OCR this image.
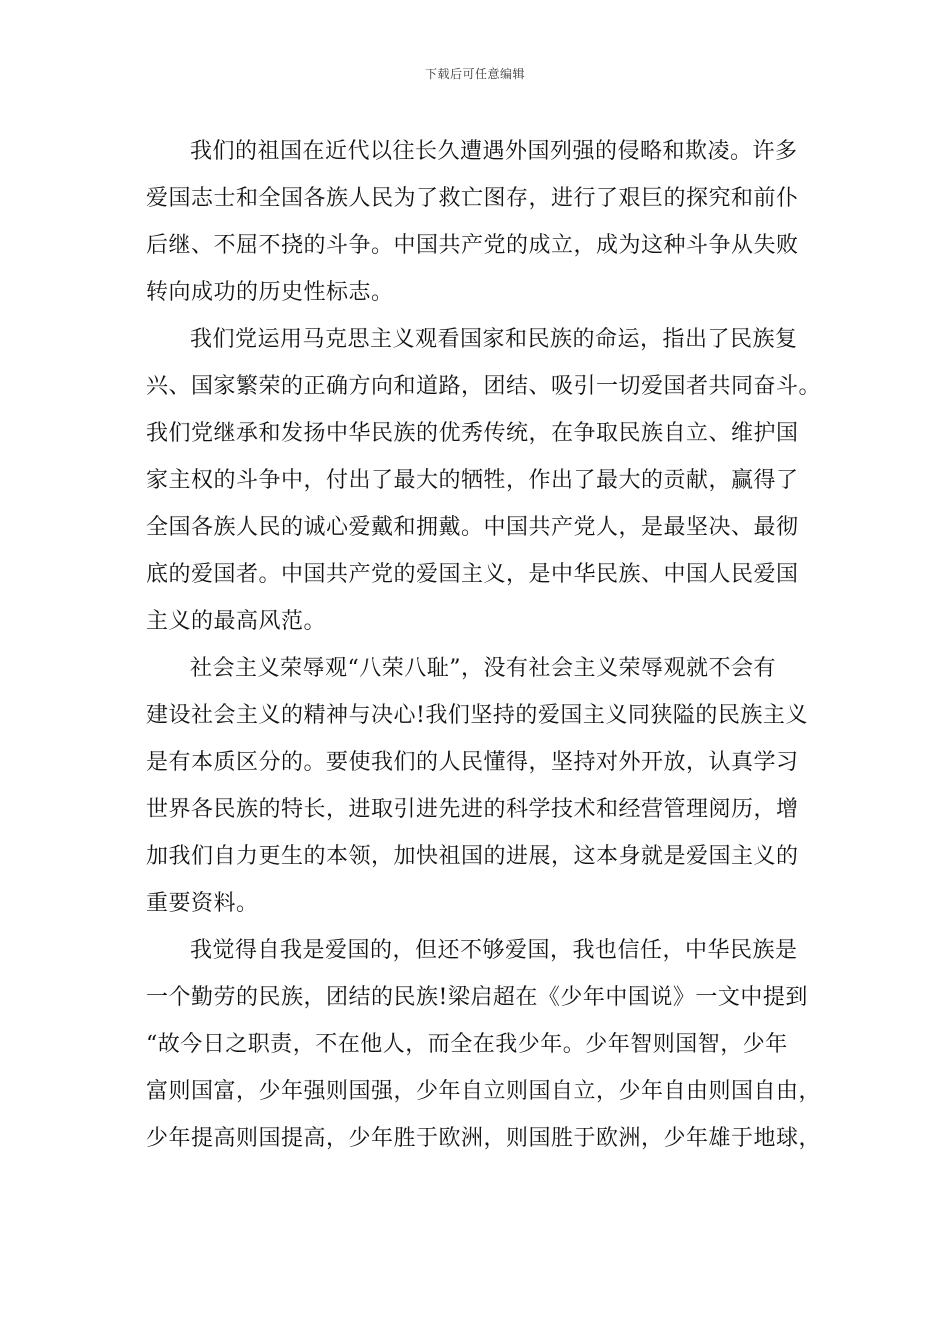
下载后可任意编辑
我们的祖国在近代以往长久遭遇外国列强的侵略和欺凌。许多
爱国志士和全国各族人民为了救亡图存，进行了艰巨的探究和前仆
后继、不屈不挠的斗争。中国共产党的成立，成为这种斗争从失败
转向成功的历史性标志。
我们党运用马克思主义观看国家和民族的命运，指出了民族复
兴、国家繁荣的正确方向和道路，团结、吸引一切爱国者共同奋斗。
我们党继承和发扬中华民族的优秀传统，在争取民族自立、维护国
家主权的斗争中，付出了最大的牺牲，作出了最大的贡献，赢得了
全国各族人民的诚心爱戴和拥戴。中国共产党人，是最坚决、最彻
底的爱国者。中国共产党的爱国主义，是中华民族、中国人民爱国
主义的最高风范。
社会主义荣辱观“八荣八耻”，没有社会主义荣辱观就不会有
建设社会主义的精神与决心!我们坚持的爱国主义同狭隘的民族主义
是有本质区分的。要使我们的人民懂得，坚持对外开放，认真学习
世界各民族的特长，进取引进先进的科学技术和经营管理阅历，增
加我们自力更生的本领，加快祖国的进展，这本身就是爱国主义的
重要资料。
我觉得自我是爱国的，但还不够爱国，我也信任，中华民族是
一个勤劳的民族，团结的民族!梁启超在《少年中国说》一文中提到
“故今日之职责，不在他人，而全在我少年。少年智则国智，少年
富则国富，少年强则国强，少年自立则国自立，少年自由则国自由，
少年提高则国提高，少年胜于欧洲，则国胜于欧洲，少年雄于地球，
